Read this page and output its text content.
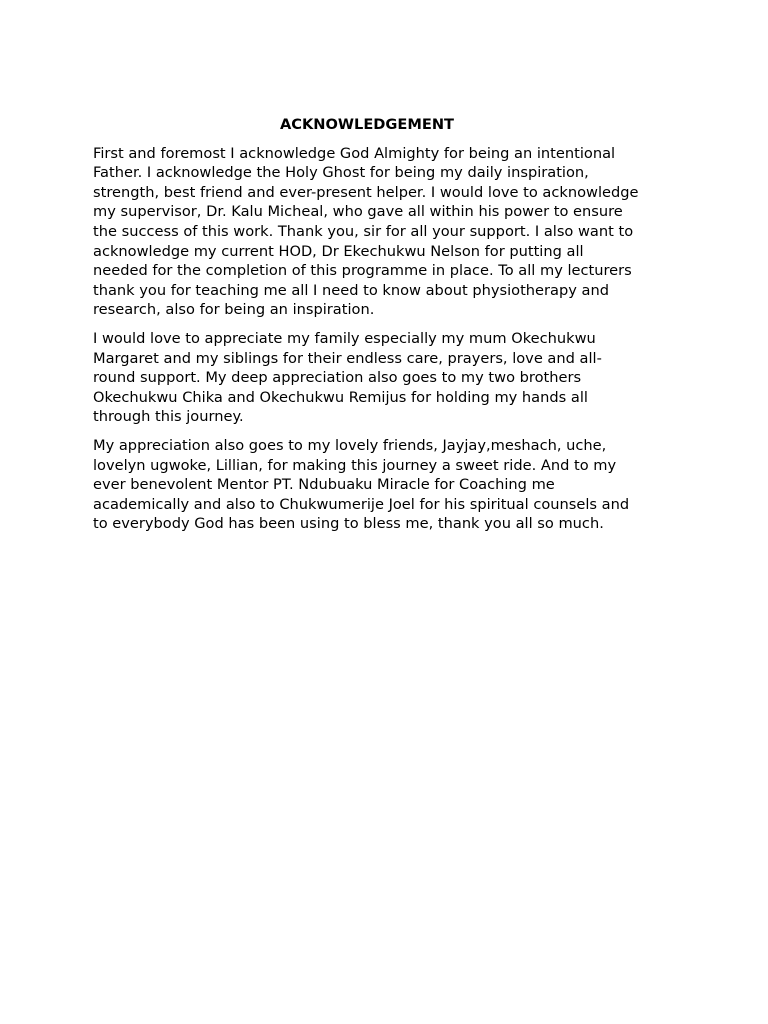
ACKNOWLEDGEMENT

First and foremost I acknowledge God Almighty for being an intentional
Father. I acknowledge the Holy Ghost for being my daily inspiration,
strength, best friend and ever-present helper. I would love to acknowledge
my supervisor, Dr. Kalu Micheal, who gave all within his power to ensure
the success of this work. Thank you, sir for all your support. I also want to
acknowledge my current HOD, Dr Ekechukwu Nelson for putting all
needed for the completion of this programme in place. To all my lecturers
thank you for teaching me all I need to know about physiotherapy and
research, also for being an inspiration.

I would love to appreciate my family especially my mum Okechukwu
Margaret and my siblings for their endless care, prayers, love and all-
round support. My deep appreciation also goes to my two brothers
Okechukwu Chika and Okechukwu Remijus for holding my hands all
through this journey.

My appreciation also goes to my lovely friends, Jayjay,meshach, uche,
lovelyn ugwoke, Lillian, for making this journey a sweet ride. And to my
ever benevolent Mentor PT. Ndubuaku Miracle for Coaching me
academically and also to Chukwumerije Joel for his spiritual counsels and
to everybody God has been using to bless me, thank you all so much.
